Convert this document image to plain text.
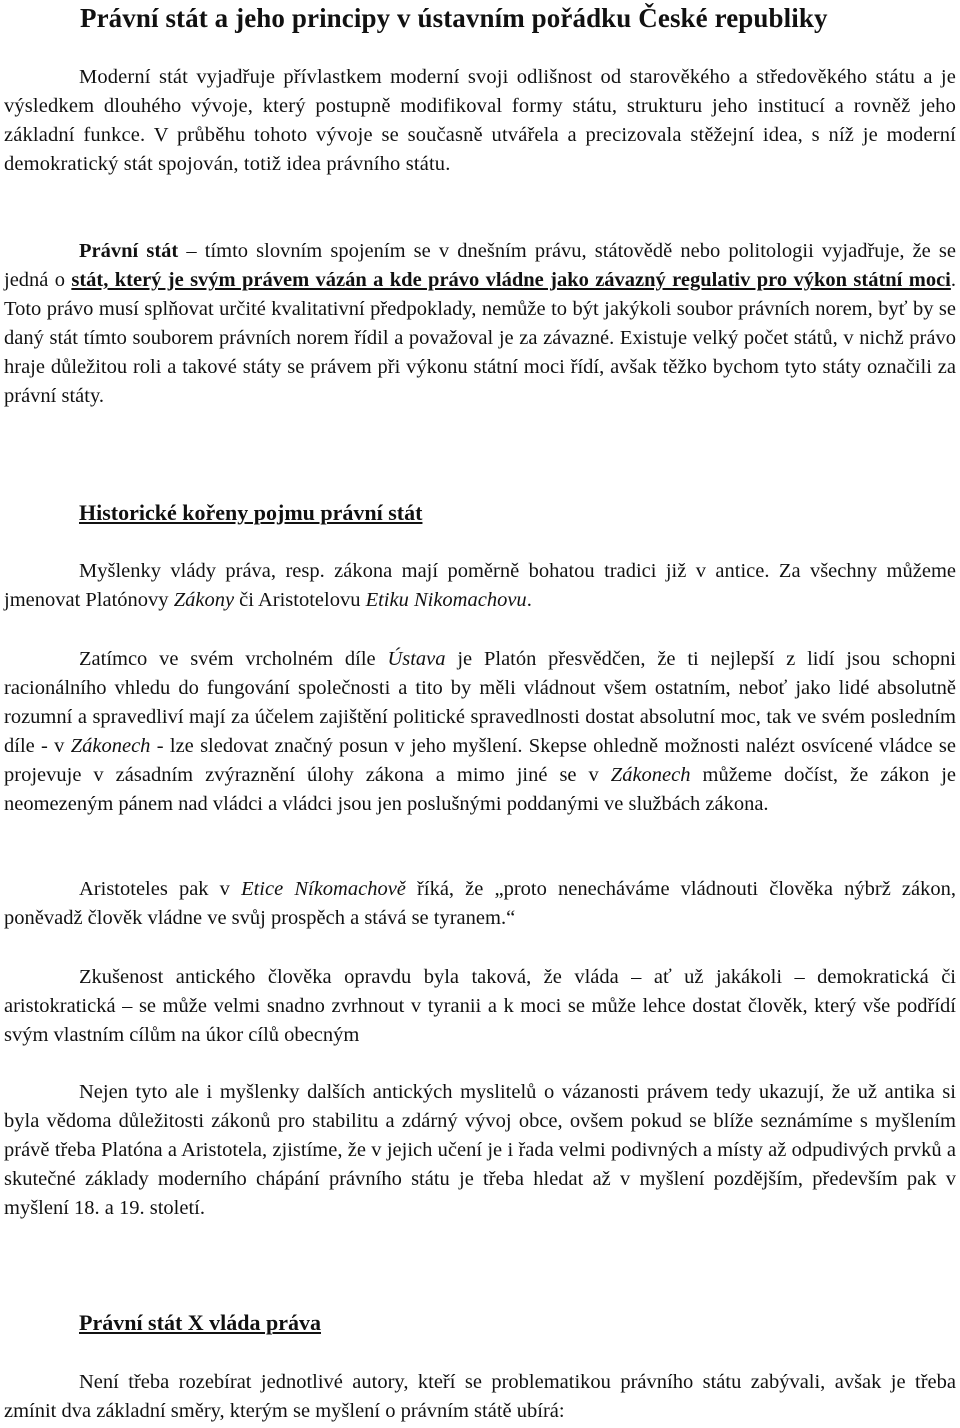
Právní stát a jeho principy v ústavním pořádku České republiky

Moderní stát vyjadřuje přívlastkem moderní svoji odlišnost od starověkého a středověkého státu a je výsledkem dlouhého vývoje, který postupně modifikoval formy státu, strukturu jeho institucí a rovněž jeho základní funkce. V průběhu tohoto vývoje se současně utvářela a precizovala stěžejní idea, s níž je moderní demokratický stát spojován, totiž idea právního státu.

Právní stát – tímto slovním spojením se v dnešním právu, státovědě nebo politologii vyjadřuje, že se jedná o stát, který je svým právem vázán a kde právo vládne jako závazný regulativ pro výkon státní moci. Toto právo musí splňovat určité kvalitativní předpoklady, nemůže to být jakýkoli soubor právních norem, byť by se daný stát tímto souborem právních norem řídil a považoval je za závazné. Existuje velký počet států, v nichž právo hraje důležitou roli a takové státy se právem při výkonu státní moci řídí, avšak těžko bychom tyto státy označili za právní státy.

Historické kořeny pojmu právní stát

Myšlenky vlády práva, resp. zákona mají poměrně bohatou tradici již v antice. Za všechny můžeme jmenovat Platónovy Zákony či Aristotelovu Etiku Nikomachovu.

Zatímco ve svém vrcholném díle Ústava je Platón přesvědčen, že ti nejlepší z lidí jsou schopni racionálního vhledu do fungování společnosti a tito by měli vládnout všem ostatním, neboť jako lidé absolutně rozumní a spravedliví mají za účelem zajištění politické spravedlnosti dostat absolutní moc, tak ve svém posledním díle - v Zákonech - lze sledovat značný posun v jeho myšlení. Skepse ohledně možnosti nalézt osvícené vládce se projevuje v zásadním zvýraznění úlohy zákona a mimo jiné se v Zákonech můžeme dočíst, že zákon je neomezeným pánem nad vládci a vládci jsou jen poslušnými poddanými ve službách zákona.

Aristoteles pak v Etice Níkomachově říká, že „proto nenecháváme vládnouti člověka nýbrž zákon, poněvadž člověk vládne ve svůj prospěch a stává se tyranem.“

Zkušenost antického člověka opravdu byla taková, že vláda – ať už jakákoli – demokratická či aristokratická – se může velmi snadno zvrhnout v tyranii a k moci se může lehce dostat člověk, který vše podřídí svým vlastním cílům na úkor cílů obecným

Nejen tyto ale i myšlenky dalších antických myslitelů o vázanosti právem tedy ukazují, že už antika si byla vědoma důležitosti zákonů pro stabilitu a zdárný vývoj obce, ovšem pokud se blíže seznámíme s myšlením právě třeba Platóna a Aristotela, zjistíme, že v jejich učení je i řada velmi podivných a místy až odpudivých prvků a skutečné základy moderního chápání právního státu je třeba hledat až v myšlení pozdějším, především pak v myšlení 18. a 19. století.

Právní stát X vláda práva

Není třeba rozebírat jednotlivé autory, kteří se problematikou právního státu zabývali, avšak je třeba zmínit dva základní směry, kterým se myšlení o právním státě ubírá:
